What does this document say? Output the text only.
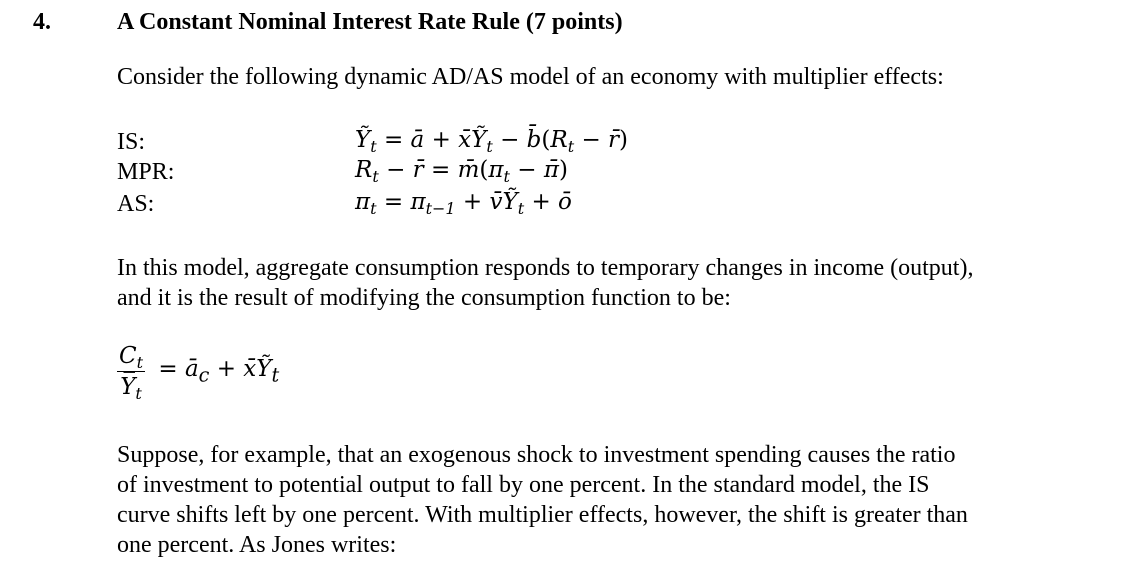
4.	A Constant Nominal Interest Rate Rule (7 points)
Consider the following dynamic AD/AS model of an economy with multiplier effects:
IS:	Ỹ$_t$ = ā + x̄Ỹ$_t$ − $b̄(R_t$ − r̄)
MPR:	$R_t$ − r̄ = $m̄(\pi_t$ − π̄)
AS:	$\pi_t = \pi_{t-1}$ + v̄Ỹ$_t$ + ō
In this model, aggregate consumption responds to temporary changes in income (output),
and it is the result of modifying the consumption function to be:
$\frac{C_t}{Y̅_t}$ = $ā_c$ + x̄Ỹ$_t$
Suppose, for example, that an exogenous shock to investment spending causes the ratio
of investment to potential output to fall by one percent. In the standard model, the IS
curve shifts left by one percent. With multiplier effects, however, the shift is greater than
one percent. As Jones writes:
